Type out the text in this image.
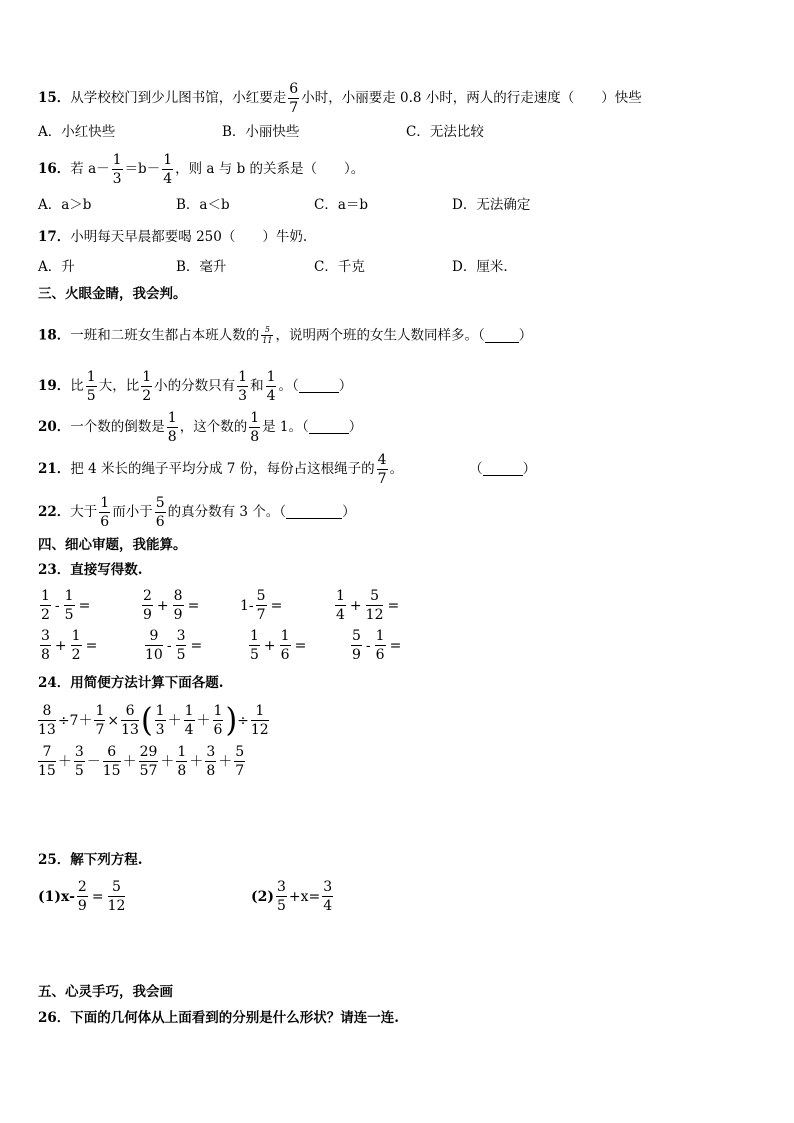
15．从学校校门到少儿图书馆，小红要走 $\frac{6}{7}$ 小时，小丽要走 0.8 小时，两人的行走速度（　　）快些
A．小红快些	B．小丽快些	C．无法比较
16．若 $a- \frac{1}{3} =b- \frac{1}{4}$ ，则 a 与 b 的关系是（　　）。
A．a＞b	B．a＜b	C．a＝b	D．无法确定
17．小明每天早晨都要喝 250（　　）牛奶.
A．升	B．毫升	C．千克	D．厘米.
三、火眼金睛，我会判。
18．一班和二班女生都占本班人数的 $\frac{5}{11}$ ，说明两个班的女生人数同样多。（	）
19．比 $\frac{1}{5}$ 大，比 $\frac{1}{2}$ 小的分数只有 $\frac{1}{3}$ 和 $\frac{1}{4}$ 。（	）
20．一个数的倒数是 $\frac{1}{8}$ ，这个数的 $\frac{1}{8}$ 是 1。（	）
21．把 4 米长的绳子平均分成 7 份，每份占这根绳子的 $\frac{4}{7}$ 。	（	）
22．大于 $\frac{1}{6}$ 而小于 $\frac{5}{6}$ 的真分数有 3 个。（	）
四、细心审题，我能算。
23．直接写得数.
$\frac{1}{2} - \frac{1}{5}$ =	$\frac{2}{9} + \frac{8}{9}$ =	$1- \frac{5}{7}$ =	$\frac{1}{4} + \frac{5}{12}$ =
$\frac{3}{8} + \frac{1}{2}$ =	$\frac{9}{10} - \frac{3}{5}$ =	$\frac{1}{5} + \frac{1}{6}$ =	$\frac{5}{9} - \frac{1}{6}$ =
24．用简便方法计算下面各题.
$\frac{8}{13} \div 7+ \frac{1}{7} \times \frac{6}{13}$ ( $\frac{1}{3} + \frac{1}{4} + \frac{1}{6}$ )÷ $\frac{1}{12}$
$\frac{7}{15} + \frac{3}{5} - \frac{6}{15} + \frac{29}{57} + \frac{1}{8} + \frac{3}{8} + \frac{5}{7}$
25．解下列方程.
$(1)x- \frac{2}{9} = \frac{5}{12}$	$(2) \frac{3}{5} +x= \frac{3}{4}$
五、心灵手巧，我会画
26．下面的几何体从上面看到的分别是什么形状？请连一连.
